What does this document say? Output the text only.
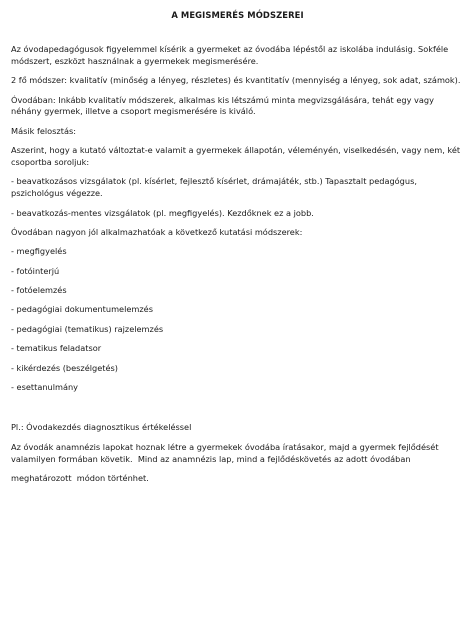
A MEGISMERÉS MÓDSZEREI
Az óvodapedagógusok figyelemmel kísérik a gyermeket az óvodába lépéstől az iskolába indulásig. Sokféle módszert, eszközt használnak a gyermekek megismerésére.
2 fő módszer: kvalitatív (minőség a lényeg, részletes) és kvantitatív (mennyiség a lényeg, sok adat, számok).
Óvodában: Inkább kvalitatív módszerek, alkalmas kis létszámú minta megvizsgálására, tehát egy vagy néhány gyermek, illetve a csoport megismerésére is kiváló.
Másik felosztás:
Aszerint, hogy a kutató változtat-e valamit a gyermekek állapotán, véleményén, viselkedésén, vagy nem, két csoportba soroljuk:
- beavatkozásos vizsgálatok (pl. kísérlet, fejlesztő kísérlet, drámajáték, stb.) Tapasztalt pedagógus, pszichológus végezze.
- beavatkozás-mentes vizsgálatok (pl. megfigyelés). Kezdőknek ez a jobb.
Óvodában nagyon jól alkalmazhatóak a következő kutatási módszerek:
- megfigyelés
- fotóinterjú
- fotóelemzés
- pedagógiai dokumentumelemzés
- pedagógiai (tematikus) rajzelemzés
- tematikus feladatsor
- kikérdezés (beszélgetés)
- esettanulmány
Pl.: Óvodakezdés diagnosztikus értékeléssel
Az óvodák anamnézis lapokat hoznak létre a gyermekek óvodába íratásakor, majd a gyermek fejlődését valamilyen formában követik.  Mind az anamnézis lap, mind a fejlődéskövetés az adott óvodában
meghatározott  módon történhet.
